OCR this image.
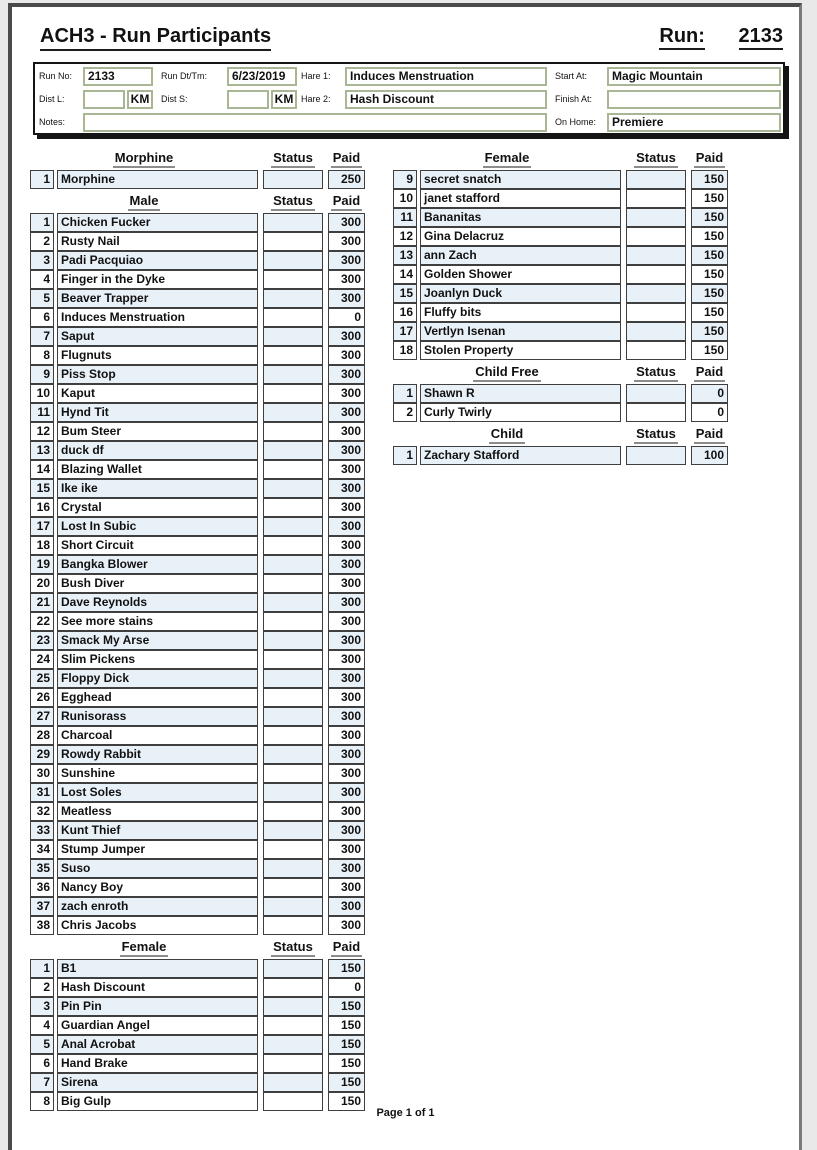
ACH3 - Run Participants	Run: 2133
Run No:	2133	Run Dt/Tm:	6/23/2019	Hare 1:	Induces Menstruation	Start At:	Magic Mountain
Dist L:	KM	Dist S:	KM Hare 2:	Hash Discount	Finish At:
Notes:	On Home:	Premiere
Morphine	Status Paid
1 Morphine	250
Male	Status Paid
1 Chicken Fucker	300
2 Rusty Nail	300
3 Padi Pacquiao	300
4 Finger in the Dyke	300
5 Beaver Trapper	300
6 Induces Menstruation	0
7 Saput	300
8 Flugnuts	300
9 Piss Stop	300
10 Kaput	300
11 Hynd Tit	300
12 Bum Steer	300
13 duck df	300
14 Blazing Wallet	300
15 Ike ike	300
16 Crystal	300
17 Lost In Subic	300
18 Short Circuit	300
19 Bangka Blower	300
20 Bush Diver	300
21 Dave Reynolds	300
22 See more stains	300
23 Smack My Arse	300
24 Slim Pickens	300
25 Floppy Dick	300
26 Egghead	300
27 Runisorass	300
28 Charcoal	300
29 Rowdy Rabbit	300
30 Sunshine	300
31 Lost Soles	300
32 Meatless	300
33 Kunt Thief	300
34 Stump Jumper	300
35 Suso	300
36 Nancy Boy	300
37 zach enroth	300
38 Chris Jacobs	300
Female	Status Paid
1 B1	150
2 Hash Discount	0
3 Pin Pin	150
4 Guardian Angel	150
5 Anal Acrobat	150
6 Hand Brake	150
7 Sirena	150
8 Big Gulp	150
Female	Status Paid
9 secret snatch	150
10 janet stafford	150
11 Bananitas	150
12 Gina Delacruz	150
13 ann Zach	150
14 Golden Shower	150
15 Joanlyn Duck	150
16 Fluffy bits	150
17 Vertlyn Isenan	150
18 Stolen Property	150
Child Free	Status Paid
1 Shawn R	0
2 Curly Twirly	0
Child	Status Paid
1 Zachary Stafford	100
Page 1 of 1
